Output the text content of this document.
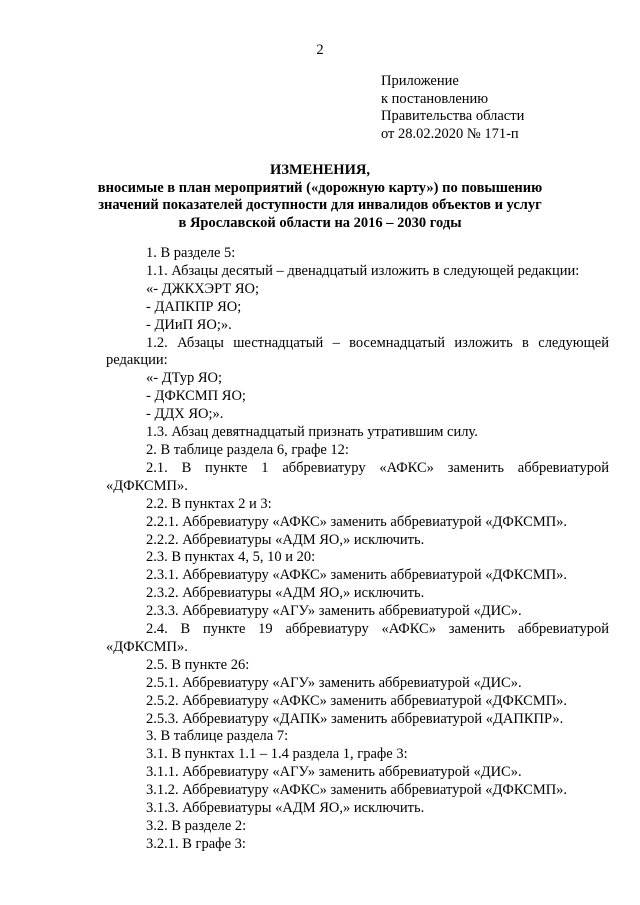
2
Приложение
к постановлению
Правительства области
от 28.02.2020 № 171-п
ИЗМЕНЕНИЯ,
вносимые в план мероприятий («дорожную карту») по повышению
значений показателей доступности для инвалидов объектов и услуг
в Ярославской области на 2016 – 2030 годы

1. В разделе 5:

1.1. Абзацы десятый – двенадцатый изложить в следующей редакции:

«- ДЖКХЭРТ ЯО;

- ДАПКПР ЯО;

- ДИиП ЯО;».

1.2. Абзацы шестнадцатый – восемнадцатый изложить в следующей редакции:

«- ДТур ЯО;

- ДФКСМП ЯО;

- ДДХ ЯО;».

1.3. Абзац девятнадцатый признать утратившим силу.

2. В таблице раздела 6, графе 12:

2.1. В пункте 1 аббревиатуру «АФКС» заменить аббревиатурой «ДФКСМП».

2.2. В пунктах 2 и 3:

2.2.1. Аббревиатуру «АФКС» заменить аббревиатурой «ДФКСМП».

2.2.2. Аббревиатуры «АДМ ЯО,» исключить.

2.3. В пунктах 4, 5, 10 и 20:

2.3.1. Аббревиатуру «АФКС» заменить аббревиатурой «ДФКСМП».

2.3.2. Аббревиатуры «АДМ ЯО,» исключить.

2.3.3. Аббревиатуру «АГУ» заменить аббревиатурой «ДИС».

2.4. В пункте 19 аббревиатуру «АФКС» заменить аббревиатурой «ДФКСМП».

2.5. В пункте 26:

2.5.1. Аббревиатуру «АГУ» заменить аббревиатурой «ДИС».

2.5.2. Аббревиатуру «АФКС» заменить аббревиатурой «ДФКСМП».

2.5.3. Аббревиатуру «ДАПК» заменить аббревиатурой «ДАПКПР».

3. В таблице раздела 7:

3.1. В пунктах 1.1 – 1.4 раздела 1, графе 3:

3.1.1. Аббревиатуру «АГУ» заменить аббревиатурой «ДИС».

3.1.2. Аббревиатуру «АФКС» заменить аббревиатурой «ДФКСМП».

3.1.3. Аббревиатуры «АДМ ЯО,» исключить.

3.2. В разделе 2:

3.2.1. В графе 3:
